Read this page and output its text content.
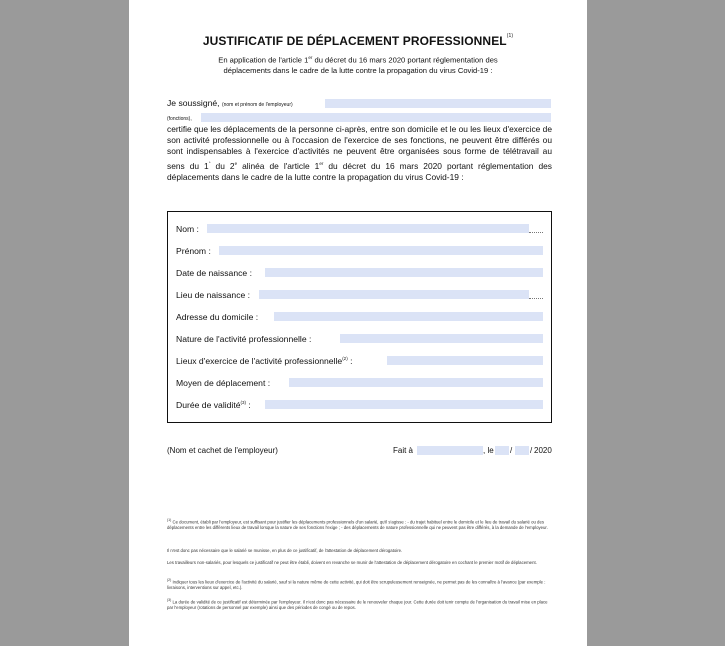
JUSTIFICATIF DE DÉPLACEMENT PROFESSIONNEL$^{(1)}$
En application de l'article 1er du décret du 16 mars 2020 portant réglementation des
déplacements dans le cadre de la lutte contre la propagation du virus Covid-19 :
Je soussigné, (nom et prénom de l'employeur)
(fonctions),
certifie que les déplacements de la personne ci-après, entre son domicile et le ou les lieux d'exercice de son activité professionnelle ou à l'occasion de l'exercice de ses fonctions, ne peuvent être différés ou sont indispensables à l'exercice d'activités ne peuvent être organisées sous forme de télétravail au sens du 1° du 2e alinéa de l'article 1er du décret du 16 mars 2020 portant réglementation des déplacements dans le cadre de la lutte contre la propagation du virus Covid-19 :
Nom :
Prénom :
Date de naissance :
Lieu de naissance :
Adresse du domicile :
Nature de l'activité professionnelle :
Lieux d'exercice de l'activité professionnelle$^{(2)}$ :
Moyen de déplacement :
Durée de validité$^{(3)}$ :
(Nom et cachet de l'employeur)	Fait à	, le / / 2020
$^{(1)}$ Ce document, établi par l'employeur, est suffisant pour justifier les déplacements professionnels d'un salarié, qu'il s'agisse : - du trajet habituel entre le domicile et le lieu de travail du salarié ou des déplacements entre les différents lieux de travail lorsque la nature de ses fonctions l'exige ; - des déplacements de nature professionnelle qui ne peuvent pas être différés, à la demande de l'employeur.
Il n'est donc pas nécessaire que le salarié se munisse, en plus de ce justificatif, de l'attestation de déplacement dérogatoire.
Les travailleurs non-salariés, pour lesquels ce justificatif ne peut être établi, doivent en revanche se munir de l'attestation de déplacement dérogatoire en cochant le premier motif de déplacement.
$^{(2)}$ Indiquer tous les lieux d'exercice de l'activité du salarié, sauf si la nature même de cette activité, qui doit être scrupuleusement renseignée, ne permet pas de les connaître à l'avance (par exemple : livraisons, interventions sur appel, etc.).
$^{(3)}$ La durée de validité de ce justificatif est déterminée par l'employeur. Il n'est donc pas nécessaire de le renouveler chaque jour. Cette durée doit tenir compte de l'organisation du travail mise en place par l'employeur (rotations de personnel par exemple) ainsi que des périodes de congé ou de repos.
